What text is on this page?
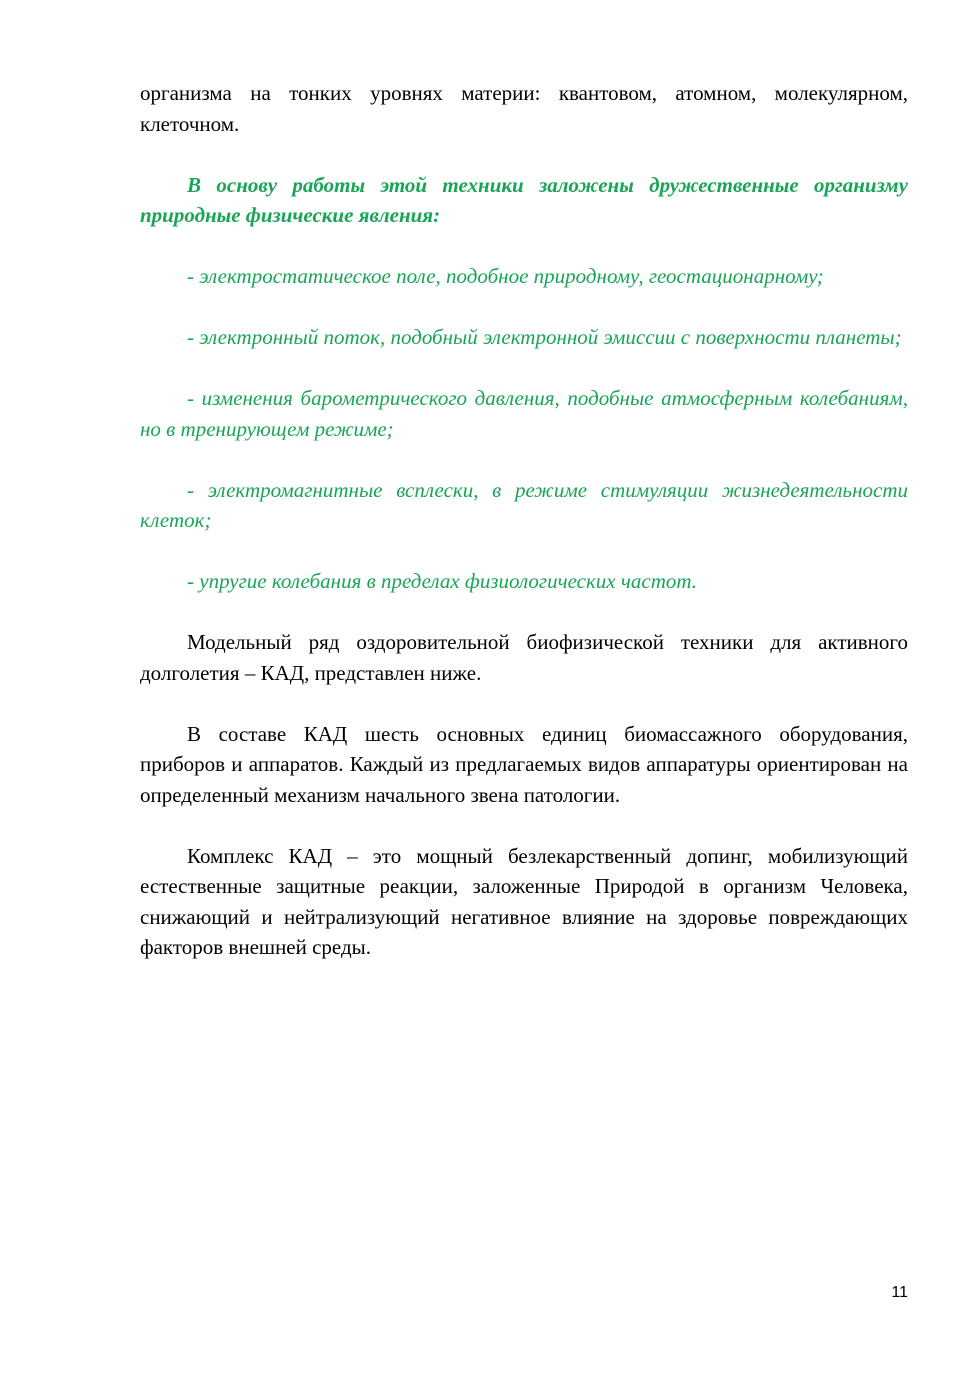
организма на тонких уровнях материи: квантовом, атомном, молекулярном, клеточном.

В основу работы этой техники заложены дружественные организму природные физические явления:

- электростатическое поле, подобное природному, геостационарному;

- электронный поток, подобный электронной эмиссии с поверхности планеты;

- изменения барометрического давления, подобные атмосферным колебаниям, но в тренирующем режиме;

- электромагнитные всплески, в режиме стимуляции жизнедеятельности клеток;

- упругие колебания в пределах физиологических частот.

Модельный ряд оздоровительной биофизической техники для активного долголетия – КАД, представлен ниже.

В составе КАД шесть основных единиц биомассажного оборудования, приборов и аппаратов. Каждый из предлагаемых видов аппаратуры ориентирован на определенный механизм начального звена патологии.

Комплекс КАД – это мощный безлекарственный допинг, мобилизующий естественные защитные реакции, заложенные Природой в организм Человека, снижающий и нейтрализующий негативное влияние на здоровье повреждающих факторов внешней среды.

11
